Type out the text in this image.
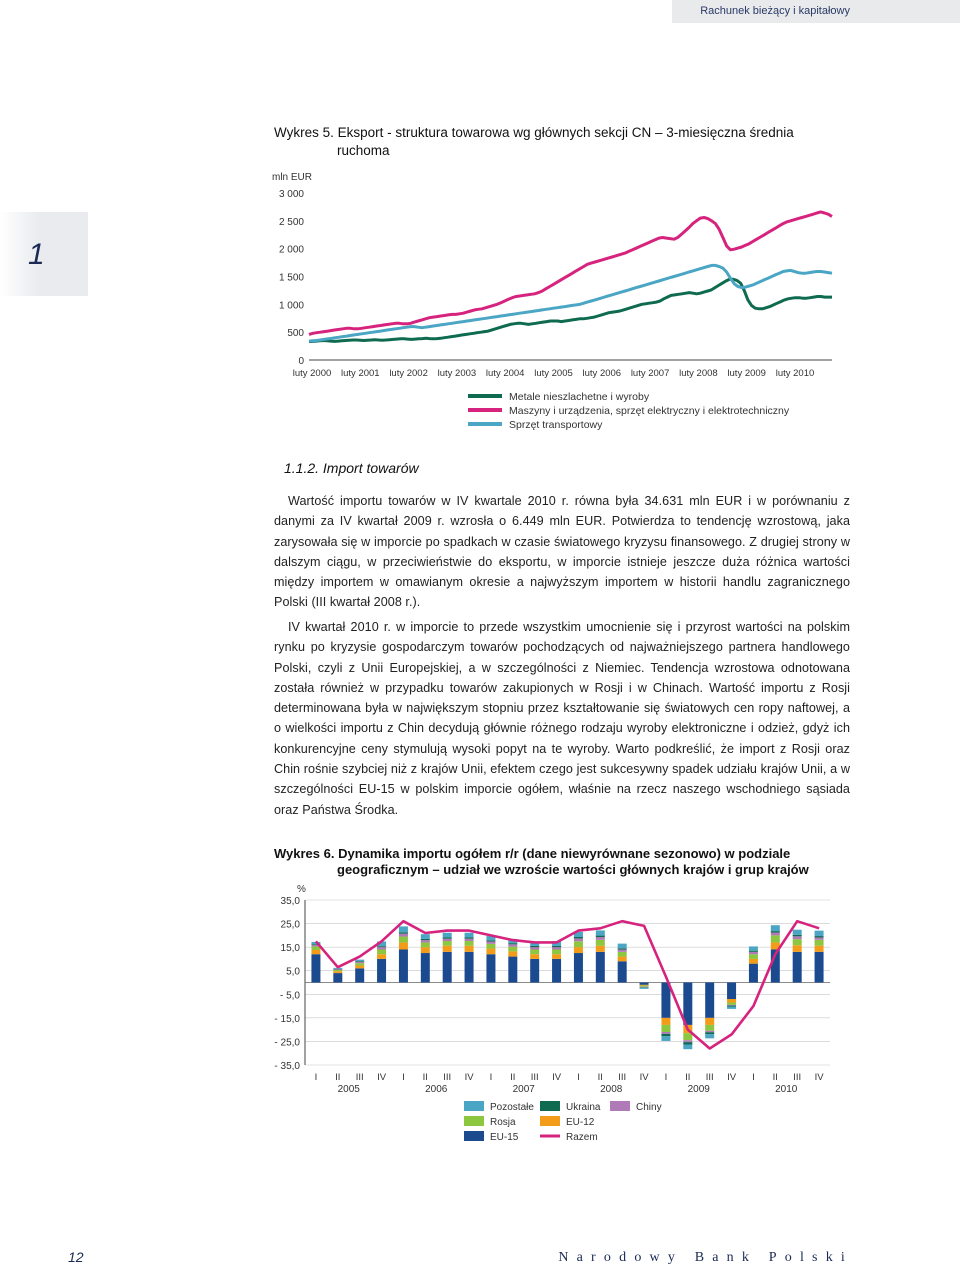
Rachunek bieżący i kapitałowy
1
Wykres 5. Eksport - struktura towarowa wg głównych sekcji CN – 3-miesięczna średnia
ruchoma
mln EUR
0
500
1 000
1 500
2 000
2 500
3 000
luty 2000 luty 2001 luty 2002 luty 2003 luty 2004 luty 2005 luty 2006 luty 2007 luty 2008 luty 2009 luty 2010
Metale nieszlachetne i wyroby
Maszyny i urządzenia, sprzęt elektryczny i elektrotechniczny
Sprzęt transportowy
1.1.2. Import towarów

Wartość importu towarów w IV kwartale 2010 r. równa była 34.631 mln EUR i w porównaniu z danymi za IV kwartał 2009 r. wzrosła o 6.449 mln EUR. Potwierdza to tendencję wzrostową, jaka zarysowała się w imporcie po spadkach w czasie światowego kryzysu finansowego. Z drugiej strony w dalszym ciągu, w przeciwieństwie do eksportu, w imporcie istnieje jeszcze duża różnica wartości między importem w omawianym okresie a najwyższym importem w historii handlu zagranicznego Polski (III kwartał 2008 r.).

IV kwartał 2010 r. w imporcie to przede wszystkim umocnienie się i przyrost wartości na polskim rynku po kryzysie gospodarczym towarów pochodzących od najważniejszego partnera handlowego Polski, czyli z Unii Europejskiej, a w szczególności z Niemiec. Tendencja wzrostowa odnotowana została również w przypadku towarów zakupionych w Rosji i w Chinach. Wartość importu z Rosji determinowana była w największym stopniu przez kształtowanie się światowych cen ropy naftowej, a o wielkości importu z Chin decydują głównie różnego rodzaju wyroby elektroniczne i odzież, gdyż ich konkurencyjne ceny stymulują wysoki popyt na te wyroby. Warto podkreślić, że import z Rosji oraz Chin rośnie szybciej niż z krajów Unii, efektem czego jest sukcesywny spadek udziału krajów Unii, a w szczególności EU-15 w polskim imporcie ogółem, właśnie na rzecz naszego wschodniego sąsiada oraz Państwa Środka.

Wykres 6. Dynamika importu ogółem r/r (dane niewyrównane sezonowo) w podziale
geograficznym – udział we wzroście wartości głównych krajów i grup krajów
%
35,0
25,0
15,0
5,0
- 5,0
- 15,0
- 25,0
- 35,0
I II III IV I II III IV I II III IV I II III IV I II III IV I II III IV
2005	2006	2007	2008	2009	2010
Pozostałe
Rosja
EU-15
Ukraina
EU-12
Razem
Chiny
12	Narodowy Bank Polski
